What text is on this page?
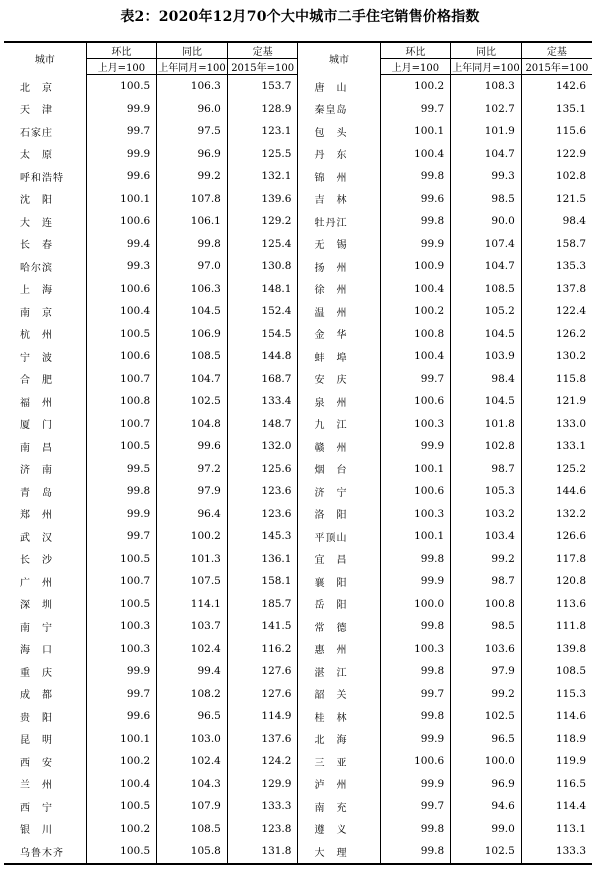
表2：2020年12月70个大中城市二手住宅销售价格指数
城市	环比	同比	定基	城市	环比	同比	定基
	上月=100	上年同月=100	2015年=100		上月=100	上年同月=100	2015年=100
北　京	100.5	106.3	153.7	唐　山	100.2	108.3	142.6
天　津	99.9	96.0	128.9	秦皇岛	99.7	102.7	135.1
石家庄	99.7	97.5	123.1	包　头	100.1	101.9	115.6
太　原	99.9	96.9	125.5	丹　东	100.4	104.7	122.9
呼和浩特	99.6	99.2	132.1	锦　州	99.8	99.3	102.8
沈　阳	100.1	107.8	139.6	吉　林	99.6	98.5	121.5
大　连	100.6	106.1	129.2	牡丹江	99.8	90.0	98.4
长　春	99.4	99.8	125.4	无　锡	99.9	107.4	158.7
哈尔滨	99.3	97.0	130.8	扬　州	100.9	104.7	135.3
上　海	100.6	106.3	148.1	徐　州	100.4	108.5	137.8
南　京	100.4	104.5	152.4	温　州	100.2	105.2	122.4
杭　州	100.5	106.9	154.5	金　华	100.8	104.5	126.2
宁　波	100.6	108.5	144.8	蚌　埠	100.4	103.9	130.2
合　肥	100.7	104.7	168.7	安　庆	99.7	98.4	115.8
福　州	100.8	102.5	133.4	泉　州	100.6	104.5	121.9
厦　门	100.7	104.8	148.7	九　江	100.3	101.8	133.0
南　昌	100.5	99.6	132.0	赣　州	99.9	102.8	133.1
济　南	99.5	97.2	125.6	烟　台	100.1	98.7	125.2
青　岛	99.8	97.9	123.6	济　宁	100.6	105.3	144.6
郑　州	99.9	96.4	123.6	洛　阳	100.3	103.2	132.2
武　汉	99.7	100.2	145.3	平顶山	100.1	103.4	126.6
长　沙	100.5	101.3	136.1	宜　昌	99.8	99.2	117.8
广　州	100.7	107.5	158.1	襄　阳	99.9	98.7	120.8
深　圳	100.5	114.1	185.7	岳　阳	100.0	100.8	113.6
南　宁	100.3	103.7	141.5	常　德	99.8	98.5	111.8
海　口	100.3	102.4	116.2	惠　州	100.3	103.6	139.8
重　庆	99.9	99.4	127.6	湛　江	99.8	97.9	108.5
成　都	99.7	108.2	127.6	韶　关	99.7	99.2	115.3
贵　阳	99.6	96.5	114.9	桂　林	99.8	102.5	114.6
昆　明	100.1	103.0	137.6	北　海	99.9	96.5	118.9
西　安	100.2	102.4	124.2	三　亚	100.6	100.0	119.9
兰　州	100.4	104.3	129.9	泸　州	99.9	96.9	116.5
西　宁	100.5	107.9	133.3	南　充	99.7	94.6	114.4
银　川	100.2	108.5	123.8	遵　义	99.8	99.0	113.1
乌鲁木齐	100.5	105.8	131.8	大　理	99.8	102.5	133.3
